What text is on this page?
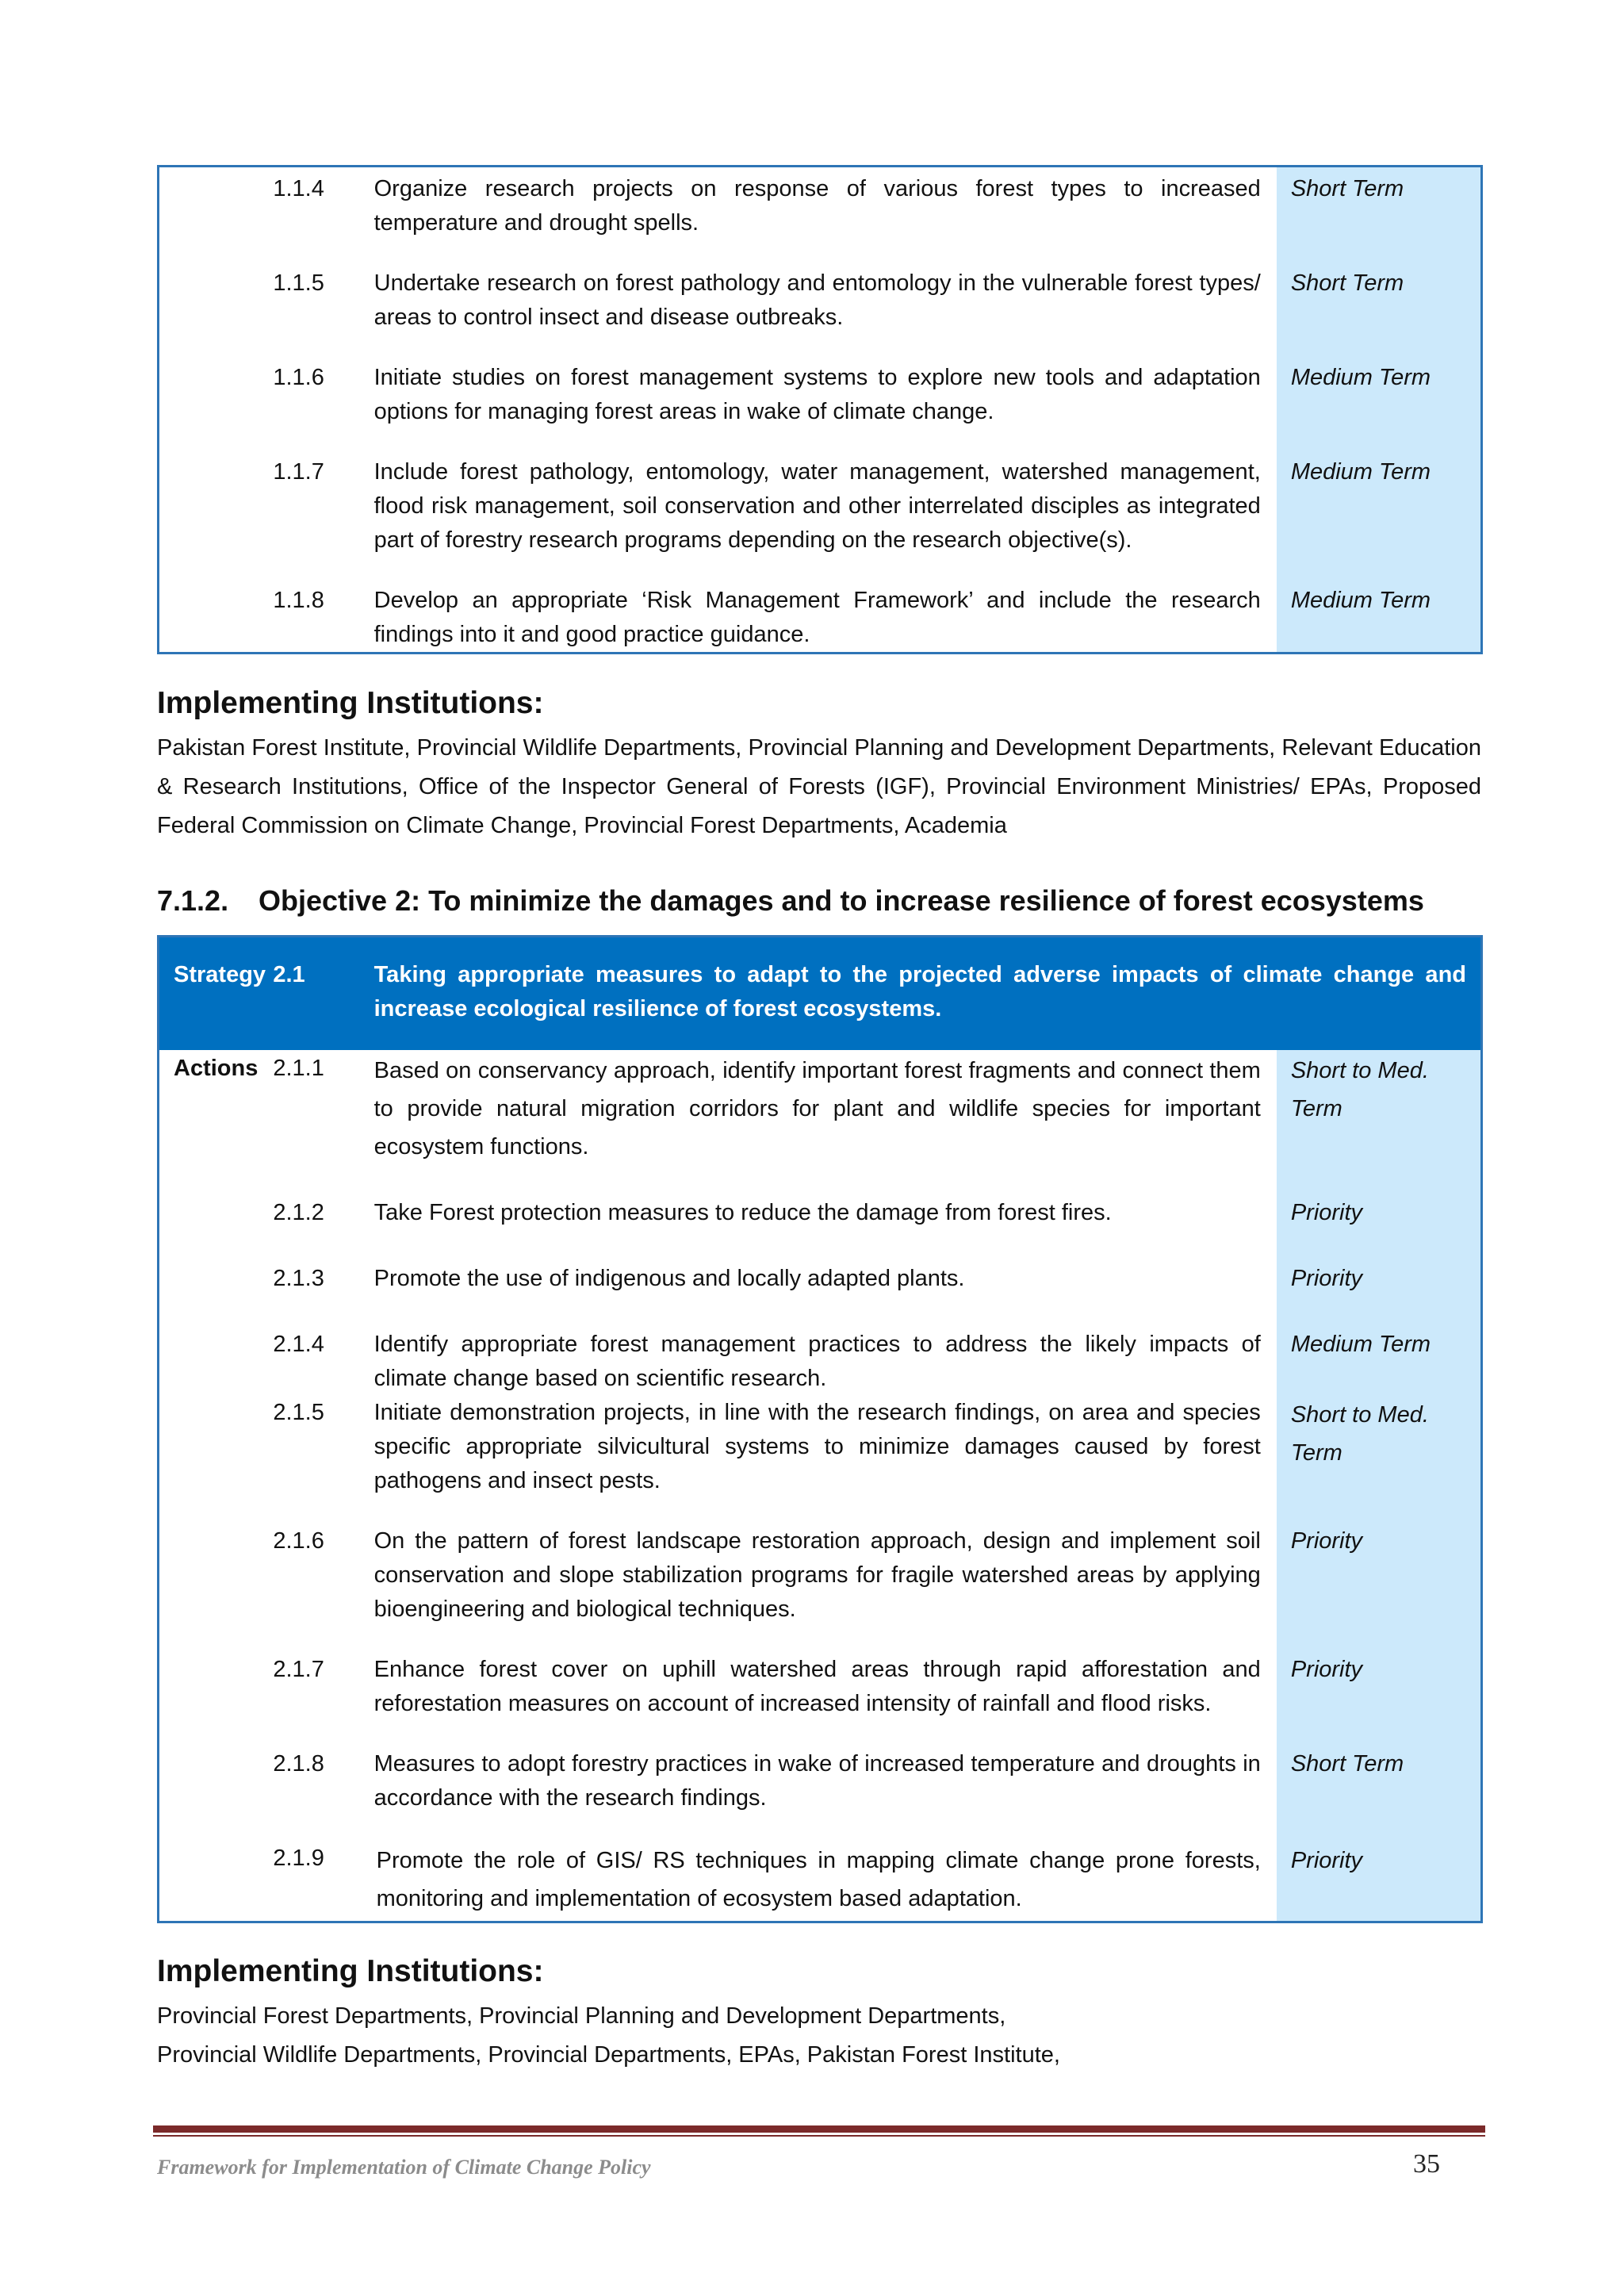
	1.1.4	Organize research projects on response of various forest types to increased temperature and drought spells.	Short Term
	1.1.5	Undertake research on forest pathology and entomology in the vulnerable forest types/ areas to control insect and disease outbreaks.	Short Term
	1.1.6	Initiate studies on forest management systems to explore new tools and adaptation options for managing forest areas in wake of climate change.	Medium Term
	1.1.7	Include forest pathology, entomology, water management, watershed management, flood risk management, soil conservation and other interrelated disciples as integrated part of forestry research programs depending on the research objective(s).	Medium Term
	1.1.8	Develop an appropriate ‘Risk Management Framework’ and include the research findings into it and good practice guidance.	Medium Term
Implementing Institutions:

Pakistan Forest Institute, Provincial Wildlife Departments, Provincial Planning and Development Departments, Relevant Education & Research Institutions, Office of the Inspector General of Forests (IGF), Provincial Environment Ministries/ EPAs, Proposed Federal Commission on Climate Change, Provincial Forest Departments, Academia

7.1.2. Objective 2: To minimize the damages and to increase resilience of forest ecosystems
Strategy	2.1	Taking appropriate measures to adapt to the projected adverse impacts of climate change and increase ecological resilience of forest ecosystems.	
Actions	2.1.1	Based on conservancy approach, identify important forest fragments and connect them to provide natural migration corridors for plant and wildlife species for important ecosystem functions.	Short to Med. Term
	2.1.2	Take Forest protection measures to reduce the damage from forest fires.	Priority
	2.1.3	Promote the use of indigenous and locally adapted plants.	Priority
	2.1.4	Identify appropriate forest management practices to address the likely impacts of climate change based on scientific research.	Medium Term
	2.1.5	Initiate demonstration projects, in line with the research findings, on area and species specific appropriate silvicultural systems to minimize damages caused by forest pathogens and insect pests.	Short to Med. Term
	2.1.6	On the pattern of forest landscape restoration approach, design and implement soil conservation and slope stabilization programs for fragile watershed areas by applying bioengineering and biological techniques.	Priority
	2.1.7	Enhance forest cover on uphill watershed areas through rapid afforestation and reforestation measures on account of increased intensity of rainfall and flood risks.	Priority
	2.1.8	Measures to adopt forestry practices in wake of increased temperature and droughts in accordance with the research findings.	Short Term
	2.1.9	Promote the role of GIS/ RS techniques in mapping climate change prone forests, monitoring and implementation of ecosystem based adaptation.	Priority
Implementing Institutions:

Provincial Forest Departments, Provincial Planning and Development Departments,
Provincial Wildlife Departments, Provincial Departments, EPAs, Pakistan Forest Institute,

Framework for Implementation of Climate Change Policy	35
